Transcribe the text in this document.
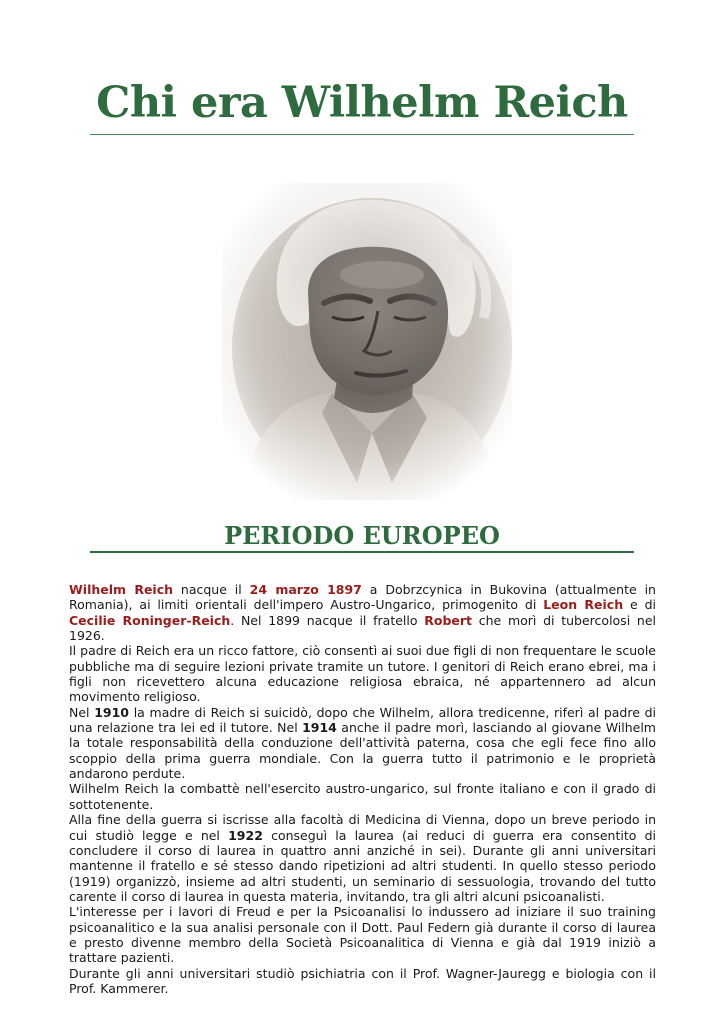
Chi era Wilhelm Reich
PERIODO EUROPEO

Wilhelm Reich nacque il 24 marzo 1897 a Dobrzcynica in Bukovina (attualmente in Romania), ai limiti orientali dell'impero Austro-Ungarico, primogenito di Leon Reich e di Cecilie Roninger-Reich. Nel 1899 nacque il fratello Robert che morì di tubercolosi nel 1926.

Il padre di Reich era un ricco fattore, ciò consentì ai suoi due figli di non frequentare le scuole pubbliche ma di seguire lezioni private tramite un tutore. I genitori di Reich erano ebrei, ma i figli non ricevettero alcuna educazione religiosa ebraica, né appartennero ad alcun movimento religioso.

Nel 1910 la madre di Reich si suicidò, dopo che Wilhelm, allora tredicenne, riferì al padre di una relazione tra lei ed il tutore. Nel 1914 anche il padre morì, lasciando al giovane Wilhelm la totale responsabilità della conduzione dell'attività paterna, cosa che egli fece fino allo scoppio della prima guerra mondiale. Con la guerra tutto il patrimonio e le proprietà andarono perdute.

Wilhelm Reich la combattè nell'esercito austro-ungarico, sul fronte italiano e con il grado di sottotenente.

Alla fine della guerra si iscrisse alla facoltà di Medicina di Vienna, dopo un breve periodo in cui studiò legge e nel 1922 conseguì la laurea (ai reduci di guerra era consentito di concludere il corso di laurea in quattro anni anziché in sei). Durante gli anni universitari mantenne il fratello e sé stesso dando ripetizioni ad altri studenti. In quello stesso periodo (1919) organizzò, insieme ad altri studenti, un seminario di sessuologia, trovando del tutto carente il corso di laurea in questa materia, invitando, tra gli altri alcuni psicoanalisti.

L'interesse per i lavori di Freud e per la Psicoanalisi lo indussero ad iniziare il suo training psicoanalitico e la sua analisi personale con il Dott. Paul Federn già durante il corso di laurea e presto divenne membro della Società Psicoanalitica di Vienna e già dal 1919 iniziò a trattare pazienti.

Durante gli anni universitari studiò psichiatria con il Prof. Wagner-Jauregg e biologia con il Prof. Kammerer.
